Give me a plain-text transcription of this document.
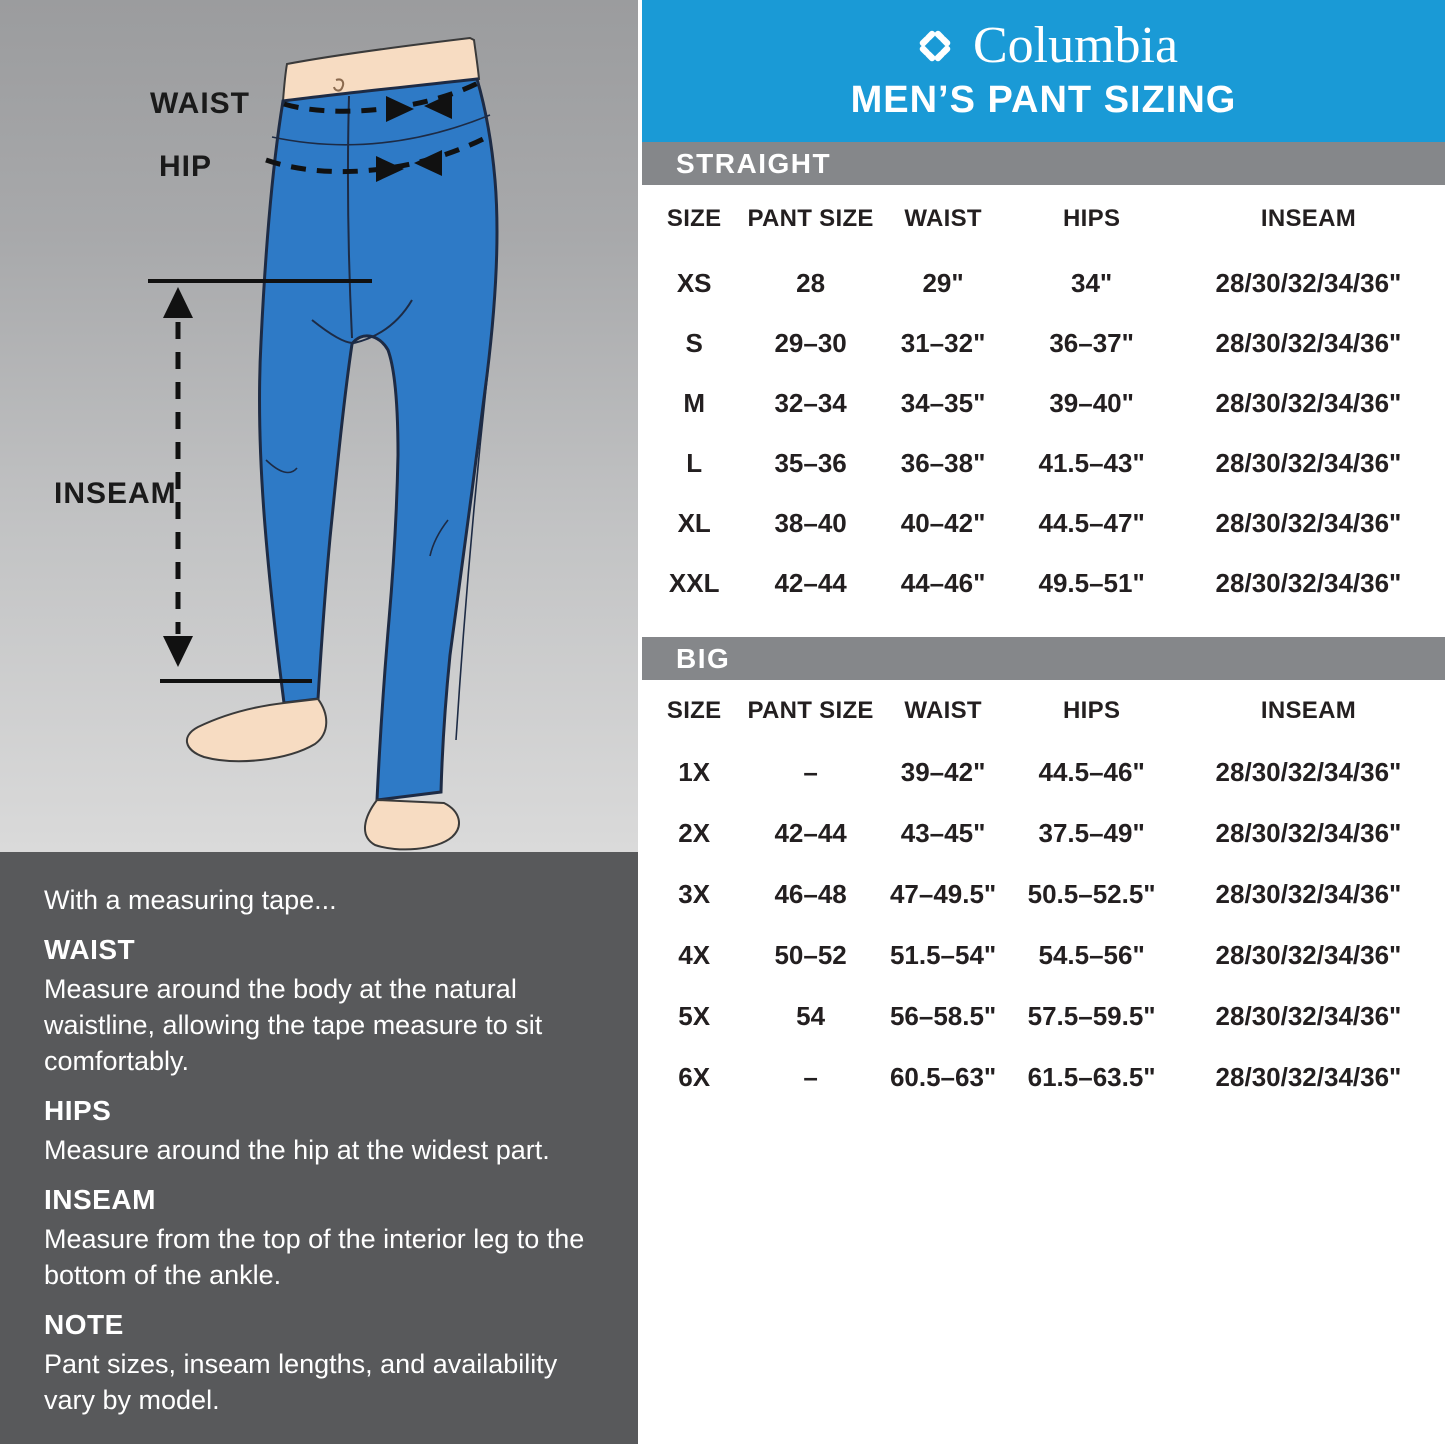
WAIST
HIP
INSEAM

With a measuring tape...

WAIST

Measure around the body at the natural waistline, allowing the tape measure to sit comfortably.

HIPS

Measure around the hip at the widest part.

INSEAM

Measure from the top of the interior leg to the bottom of the ankle.

NOTE

Pant sizes, inseam lengths, and availability vary by model.

Columbia
MEN’S PANT SIZING
STRAIGHT
SIZE	PANT SIZE	WAIST	HIPS	INSEAM
XS	28	29"	34"	28/30/32/34/36"
S	29–30	31–32"	36–37"	28/30/32/34/36"
M	32–34	34–35"	39–40"	28/30/32/34/36"
L	35–36	36–38"	41.5–43"	28/30/32/34/36"
XL	38–40	40–42"	44.5–47"	28/30/32/34/36"
XXL	42–44	44–46"	49.5–51"	28/30/32/34/36"
BIG
SIZE	PANT SIZE	WAIST	HIPS	INSEAM
1X	–	39–42"	44.5–46"	28/30/32/34/36"
2X	42–44	43–45"	37.5–49"	28/30/32/34/36"
3X	46–48	47–49.5"	50.5–52.5"	28/30/32/34/36"
4X	50–52	51.5–54"	54.5–56"	28/30/32/34/36"
5X	54	56–58.5"	57.5–59.5"	28/30/32/34/36"
6X	–	60.5–63"	61.5–63.5"	28/30/32/34/36"
